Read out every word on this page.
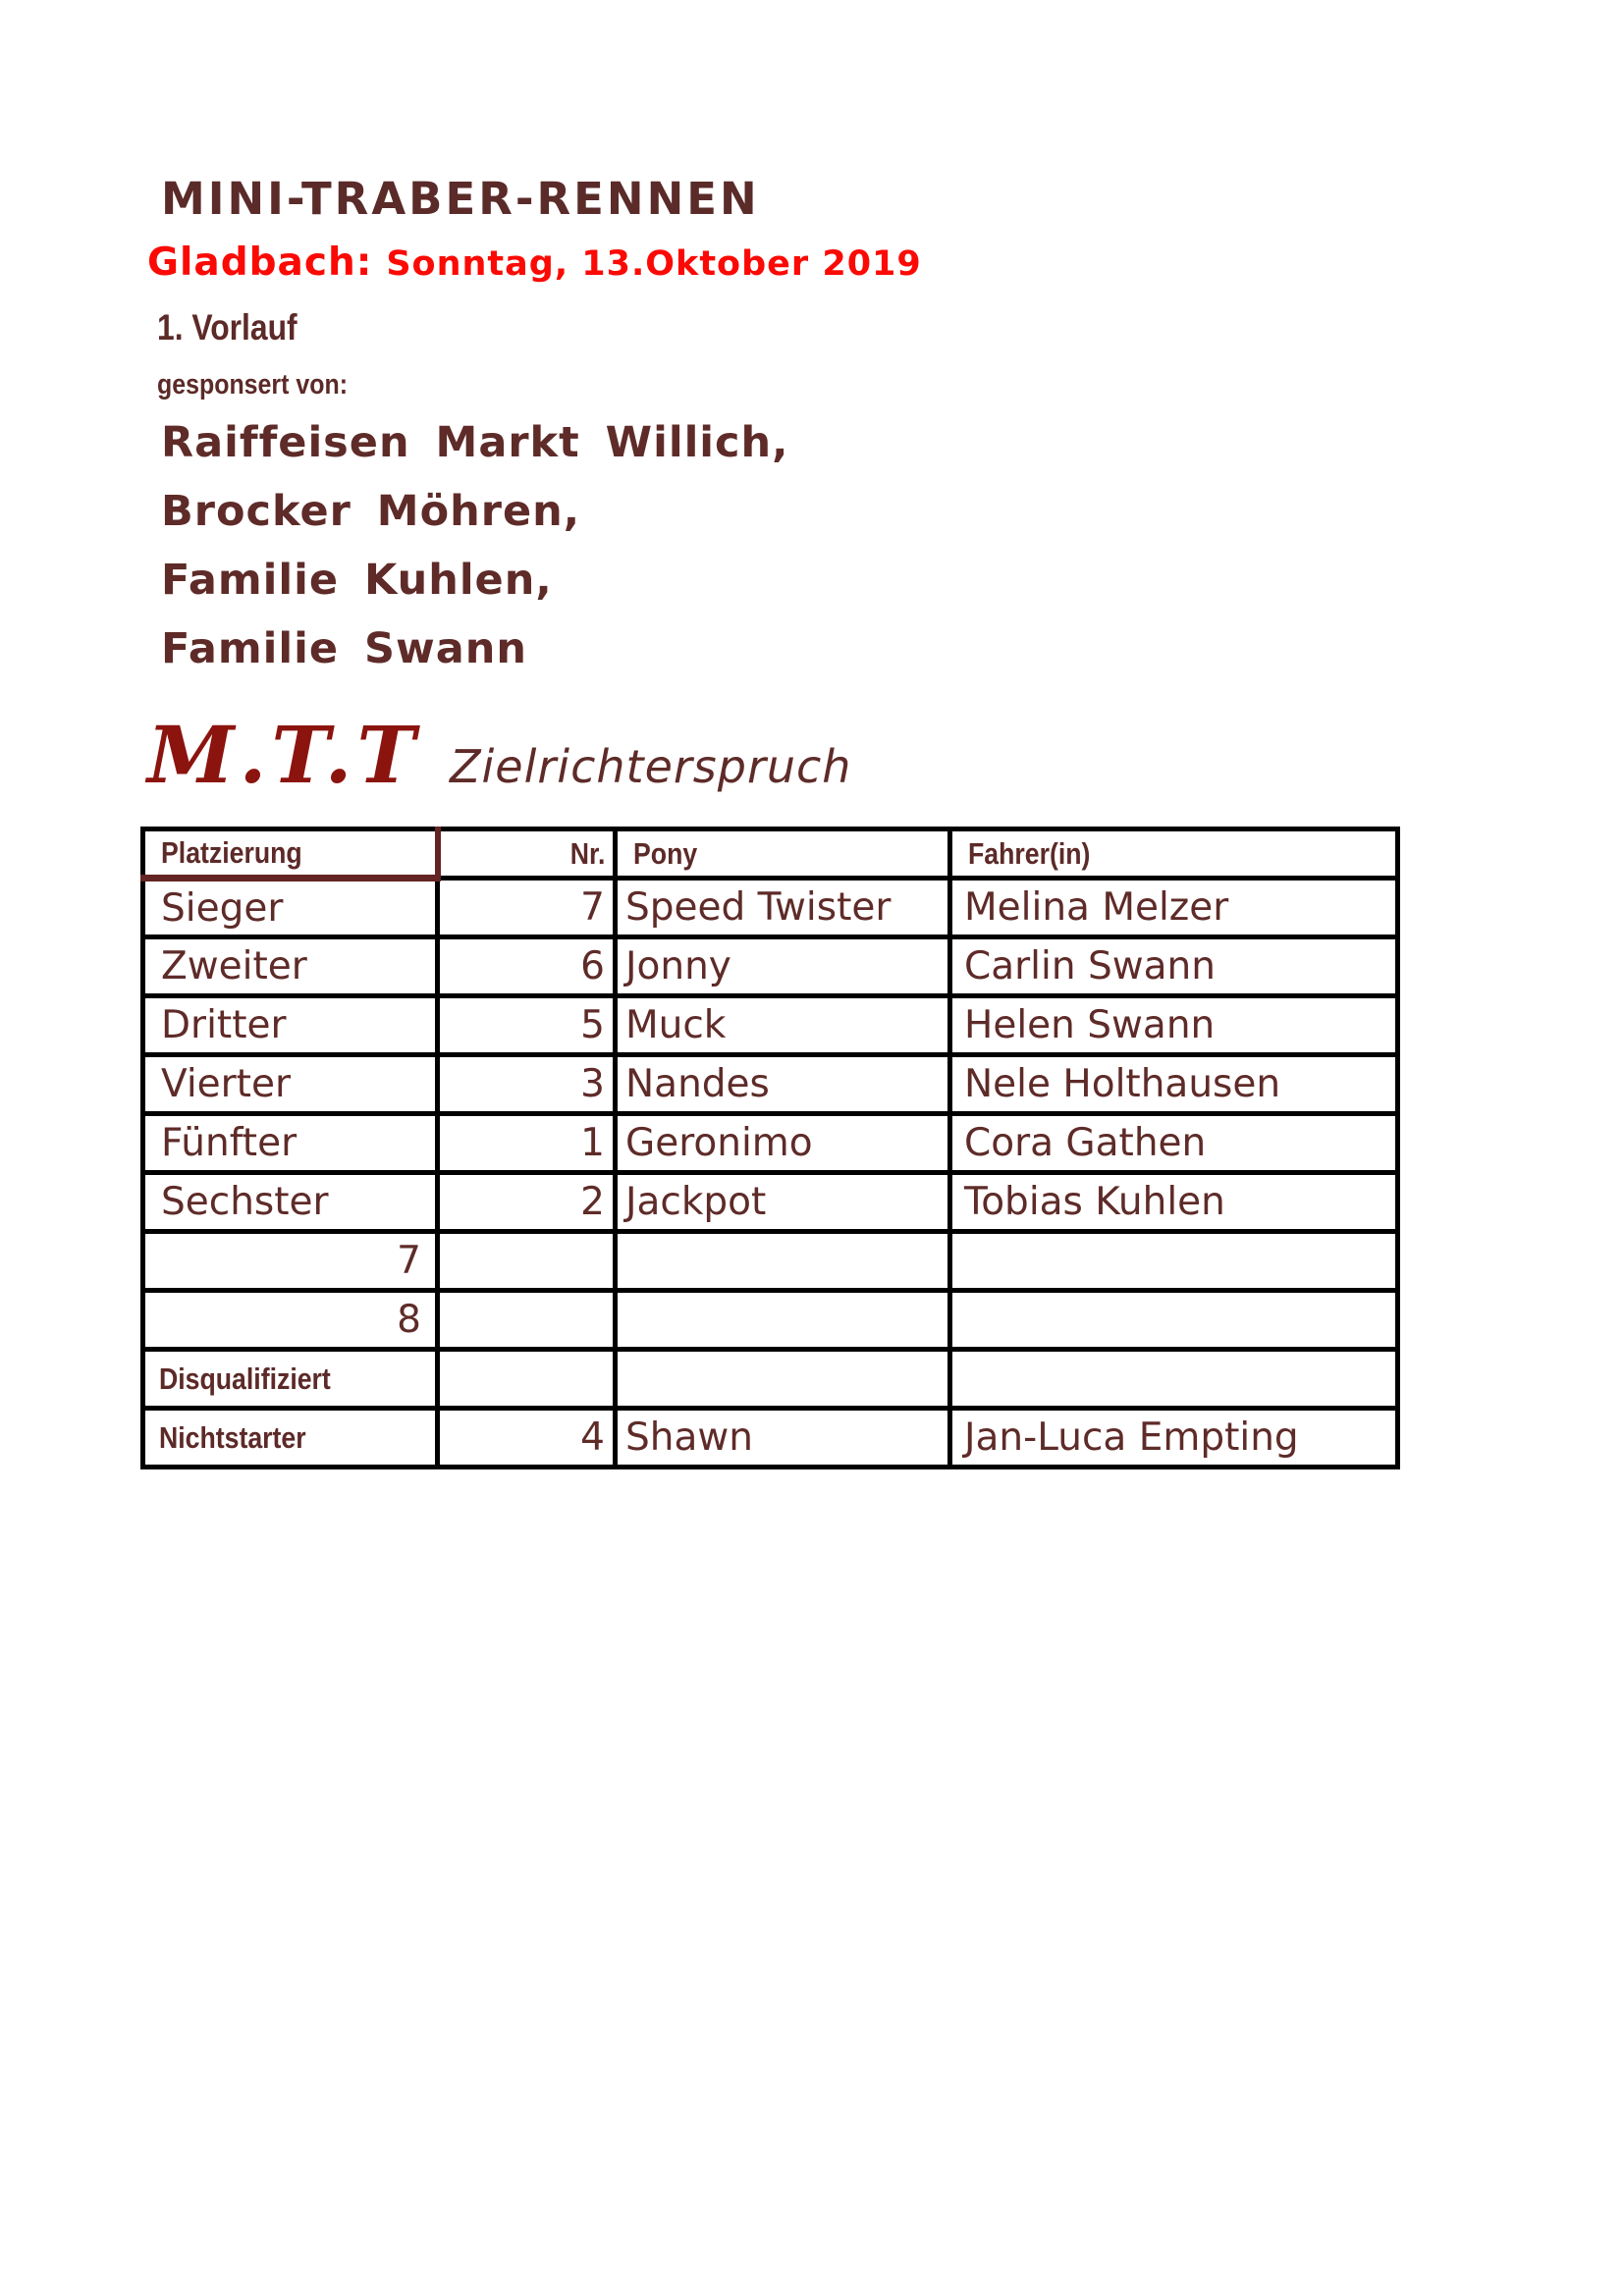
MINI-TRABER-RENNEN
Gladbach: Sonntag, 13.Oktober 2019
1. Vorlauf
gesponsert von:
Raiffeisen Markt Willich,
Brocker Möhren,
Familie Kuhlen,
Familie Swann
M.T.T Zielrichterspruch
Platzierung	Nr.	Pony	Fahrer(in)
Sieger	7	Speed Twister	Melina Melzer
Zweiter	6	Jonny	Carlin Swann
Dritter	5	Muck	Helen Swann
Vierter	3	Nandes	Nele Holthausen
Fünfter	1	Geronimo	Cora Gathen
Sechster	2	Jackpot	Tobias Kuhlen
7			
8			
Disqualifiziert			
Nichtstarter	4	Shawn	Jan-Luca Empting
